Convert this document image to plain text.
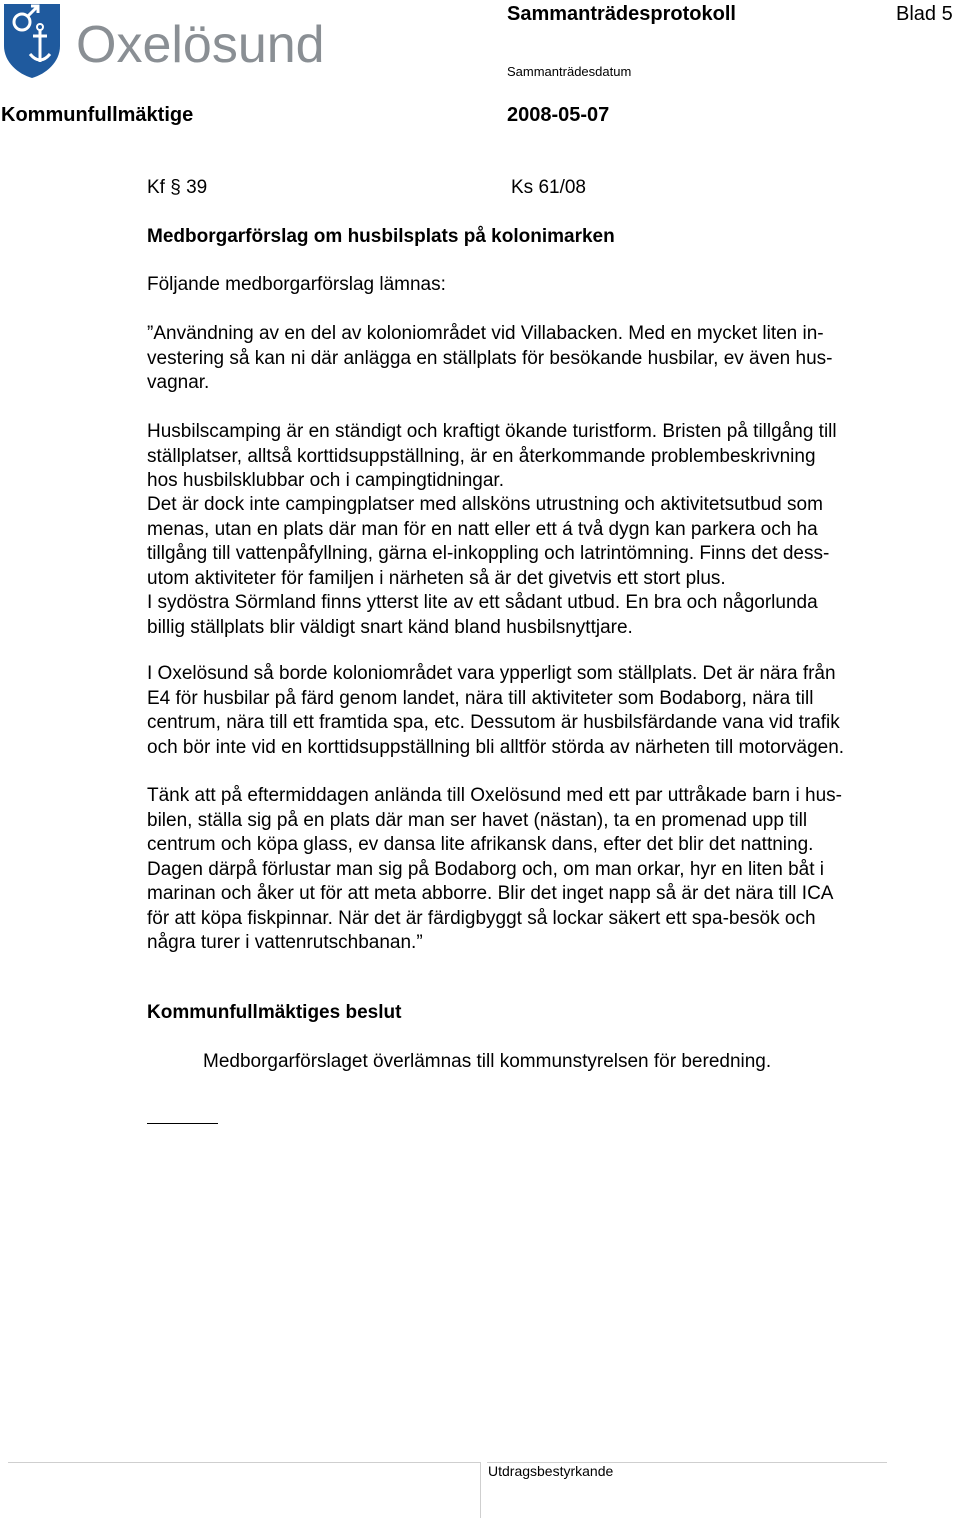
Oxelösund
Sammanträdesprotokoll	Blad 5
Sammanträdesdatum
Kommunfullmäktige	2008-05-07
Kf § 39	Ks 61/08
Medborgarförslag om husbilsplats på kolonimarken
Följande medborgarförslag lämnas:

”Användning av en del av koloniområdet vid Villabacken. Med en mycket liten in-
vestering så kan ni där anlägga en ställplats för besökande husbilar, ev även hus-
vagnar.

Husbilscamping är en ständigt och kraftigt ökande turistform. Bristen på tillgång till
ställplatser, alltså korttidsuppställning, är en återkommande problembeskrivning
hos husbilsklubbar och i campingtidningar.

Det är dock inte campingplatser med allsköns utrustning och aktivitetsutbud som
menas, utan en plats där man för en natt eller ett á två dygn kan parkera och ha
tillgång till vattenpåfyllning, gärna el-inkoppling och latrintömning. Finns det dess-
utom aktiviteter för familjen i närheten så är det givetvis ett stort plus.
I sydöstra Sörmland finns ytterst lite av ett sådant utbud. En bra och någorlunda
billig ställplats blir väldigt snart känd bland husbilsnyttjare.

I Oxelösund så borde koloniområdet vara ypperligt som ställplats. Det är nära från
E4 för husbilar på färd genom landet, nära till aktiviteter som Bodaborg, nära till
centrum, nära till ett framtida spa, etc. Dessutom är husbilsfärdande vana vid trafik
och bör inte vid en korttidsuppställning bli alltför störda av närheten till motorvägen.

Tänk att på eftermiddagen anlända till Oxelösund med ett par uttråkade barn i hus-
bilen, ställa sig på en plats där man ser havet (nästan), ta en promenad upp till
centrum och köpa glass, ev dansa lite afrikansk dans, efter det blir det nattning.
Dagen därpå förlustar man sig på Bodaborg och, om man orkar, hyr en liten båt i
marinan och åker ut för att meta abborre. Blir det inget napp så är det nära till ICA
för att köpa fiskpinnar. När det är färdigbyggt så lockar säkert ett spa-besök och
några turer i vattenrutschbanan.”

Kommunfullmäktiges beslut
Medborgarförslaget överlämnas till kommunstyrelsen för beredning.
Utdragsbestyrkande
